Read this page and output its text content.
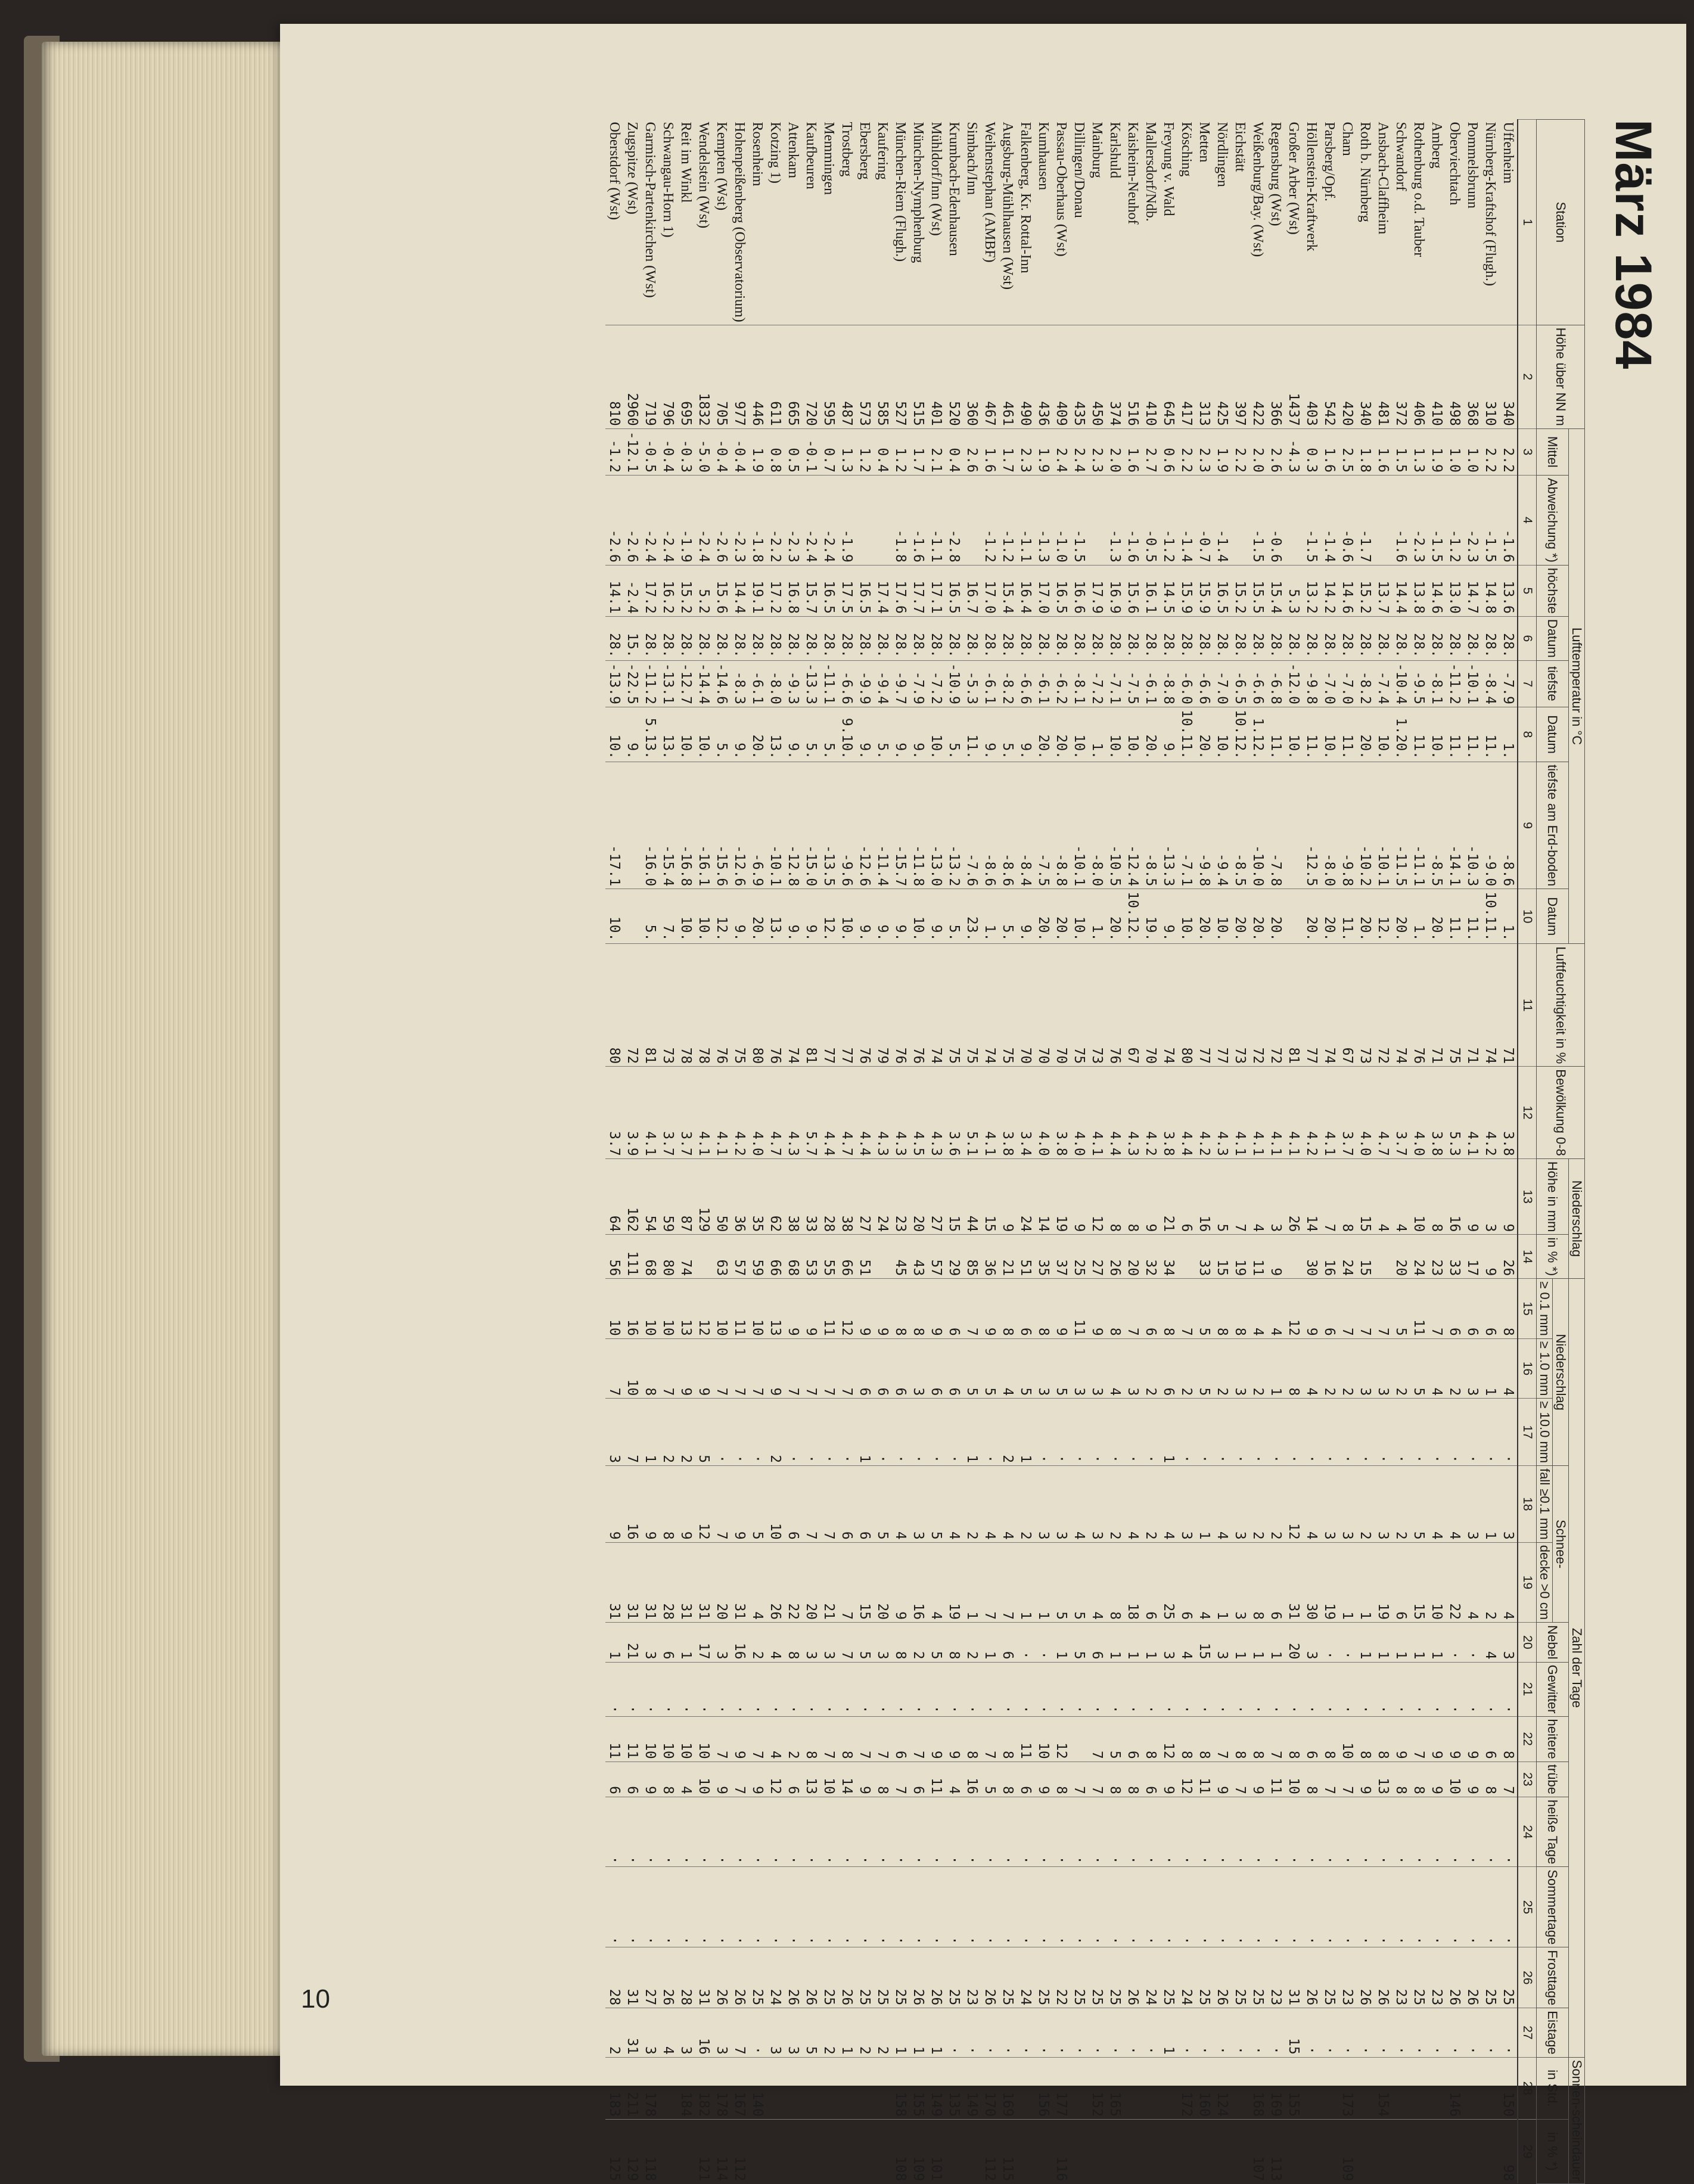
10
März 1984
Station	Höhe über NN m	Lufttemperatur in °C								Luftfeuchtigkeit in %	Bewölkung 0-8	Niederschlag		Zahl der Tage													Sonnen-scheindauer	
		Mittel	Abweichung *)	höchste	Datum	tiefste	Datum	tiefste am Erd-boden	Datum			Höhe in mm	in % *)	Niederschlag			Schnee-		Nebel	Gewitter	heitere	trübe	heiße Tage	Sommertage	Frosttage	Eistage	in Std.	in % *)
														≥ 0.1 mm	≥ 1.0 mm	≥ 10.0 mm	fall ≥0.1 mm	decke >0 cm										
1	2	3	4	5	6	7	8	9	10	11	12	13	14	15	16	17	18	19	20	21	22	23	24	25	26	27	28	29
Uffenheim	340	2.2	-1.6	13.6	28.	-7.9	1.	-8.6	1.	71	3.8	9	26	8	4	·	3	4	3	·	8	7	·	·	25	·	150	98
Nürnberg-Kraftshof (Flugh.)	310	2.2	-1.5	14.8	28.	-8.4	11.	-9.0	10.11.	74	4.2	3	9	6	1	·	1	2	4	·	6	8	·	·	25	·		
Pommelsbrunn	368	1.0	-2.3	14.7	28.	-10.1	11.	-10.3	11.	71	4.1	9	17	6	3	·	3	4	·	·	9	9	·	·	26	·		
Oberviechtach	498	1.0	-1.2	13.0	28.	-11.2	11.	-14.1	11.	75	5.3	16	33	6	2	·	4	22	·	·	9	10	·	·	26	·	146	
Amberg	410	1.9	-1.5	14.6	28.	-8.1	10.	-8.5	20.	71	3.8	8	23	7	4	·	4	10	1	·	9	9	·	·	23	·		
Rothenburg o.d. Tauber	406	1.3	-2.3	13.8	28.	-9.5	11.	-11.1	1.	76	4.0	10	24	11	5	·	5	15	1	·	7	8	·	·	25	·		
Schwandorf	372	1.5	-1.6	14.4	28.	-10.4	1.20.	-11.5	20.	74	3.7	4	20	5	2	·	2	6	1	·	9	8	·	·	23	·		
Ansbach-Claffheim	481	1.6		13.7	28.	-7.4	10.	-10.1	12.	72	4.7	4		7	3	·	3	19	1	·	8	13	·	·	26	·	154	
Roth b. Nürnberg	340	1.8	-1.7	15.2	28.	-8.2	20.	-10.2	20.	73	4.0	15	15	7	3	·	2	1	1	·	8	9	·	·	26	·		
Cham	420	2.5	-0.6	14.6	28.	-7.0	11.	-9.8	11.	67	3.7	8	24	7	2	·	3	1	·	·	10	7	·	·	23	·	173	109
Parsberg/Opf.	542	1.6	-1.4	14.2	28.	-7.0	10.	-8.0	20.	74	4.1	7	16	6	2	·	3	19	·	·	8	7	·	·	25	·		
Höllenstein-Kraftwerk	403	0.3	-1.5	13.2	28.	-9.8	11.	-12.5	20.	77	4.2	14	30	9	4	·	4	30	3	·	6	8	·	·	26	·		
Großer Arber (Wst)	1437	-4.3		5.3	28.	-12.0	10.			81	4.1	26		12	8	·	12	31	20	·	8	10	·	·	31	15	155	
Regensburg (Wst)	366	2.6	-0.6	15.4	28.	-6.8	11.	-7.8	20.	72	4.1	3	9	4	1	·	2	6	1	·	7	11	·	·	23	·	169	113
Weißenburg/Bay. (Wst)	422	2.0	-1.5	15.5	28.	-6.6	1.12.	-10.0	20.	72	4.1	4	11	4	2	·	2	8	1	·	8	9	·	·	25	·	168	107
Eichstätt	397	2.2		15.2	28.	-6.5	10.12.	-8.5	20.	73	4.1	7	19	8	3	·	3	3	1	·	8	7	·	·	25	·		
Nördlingen	425	1.9	-1.4	16.5	28.	-7.0	10.	-9.4	10.	77	4.3	5	15	8	2	·	4	1	3	·	7	9	·	·	26	·	124	
Metten	313	2.3	-0.7	15.9	28.	-6.6	20.	-9.8	20.	77	4.2	16	33	5	5	·	1	4	15	·	8	11	·	·	25	·	160	
Kösching	417	2.2	-1.4	15.9	28.	-6.0	10.11.	-7.1	10.	80	4.4	6		7	2	·	3	6	4	·	8	12	·	·	24	·	172	
Freyung v. Wald	645	0.6	-1.2	14.5	28.	-8.8	9.	-13.3	9.	74	3.8	21	34	8	6	1	4	25	3	·	12	9	·	·	25	1		
Mallersdorf/Ndb.	410	2.7	-0.5	16.1	28.	-6.1	20.	-8.5	19.	70	4.2	9	32	6	2	·	2	6	1	·	8	6	·	·	24	·		
Kaisheim-Neuhof	516	1.6	-1.6	15.6	28.	-7.5	10.	-12.4	10.12.	67	4.3	8	20	7	3	·	4	18	1	·	6	8	·	·	26	·		
Karlshuld	374	2.0	-1.3	16.9	28.	-7.1	10.	-10.5	20.	76	4.4	8	26	8	4	·	2	8	1	·	5	8	·	·	25	·	165	
Mainburg	450	2.3		17.9	28.	-7.2	1.	-8.0	1.	73	4.1	12	27	9	3	·	3	4	6	·	7	7	·	·	25	·	152	
Dillingen/Donau	435	2.4	-1.5	16.6	28.	-8.1	10.	-10.1	10.	75	4.0	9	25	11	3	·	4	5	5	·		7	·	·	25	·		
Passau-Oberhaus (Wst)	409	2.4	-1.0	16.5	28.	-6.2	20.	-8.8	20.	70	3.8	19	37	9	5	·	3	5	1	·	12	8	·	·	22	·	177	116
Kumhausen	436	1.9	-1.3	17.0	28.	-6.1	20.	-7.5	20.	70	4.0	14	35	8	3	·	3	1	·	·	10	9	·	·	25	·	156	
Falkenberg, Kr. Rottal-Inn	490	2.3	-1.1	16.4	28.	-6.6	9.	-8.4	9.	70	3.4	24	51	6	5	1	2	1	·	·	11	6	·	·	24	·		
Augsburg-Mühlhausen (Wst)	461	1.7	-1.2	15.4	28.	-8.2	5.	-8.6	5.	75	3.8	9	21	8	4	2	4	7	6	·	8	8	·	·	25	·	169	115
Weihenstephan (AMBF)	467	1.6	-1.2	17.0	28.	-6.1	9.	-8.6	1.	74	4.1	15	36	9	5	·	4	7	1	·	7	5	·	·	26	·	170	112
Simbach/Inn	360	2.6		16.7	28.	-5.3	11.	-7.6	23.	75	5.1	44	85	7	5	1	2	1	2	·	8	16	·	·	23	·	149	
Krumbach-Edenhausen	520	0.4	-2.8	16.5	28.	-10.9	5.	-13.2	5.	75	3.6	15	29	6	6	·	4	19	8	·	9	4	·	·	25	·	135	
Mühldorf/Inn (Wst)	401	2.1	-1.1	17.1	28.	-7.2	10.	-13.0	9.	74	4.3	27	57	9	6	·	5	4	5	·	9	11	·	·	26	1	149	101
München-Nymphenburg	515	1.7	-1.6	17.7	28.	-7.9	9.	-11.8	10.	76	4.5	20	43	8	3	·	3	16	2	·	7	6	·	·	26	1	155	109
München-Riem (Flugh.)	527	1.2	-1.8	17.6	28.	-9.7	9.	-15.7	9.	76	4.3	23	45	8	6	·	4	9	8	·	6	7	·	·	25	1	158	108
Kaufering	585	0.4		17.4	28.	-9.4	5.	-11.4	9.	79	4.3	24		9	6	·	5	20	3	·	7	8	·	·	25	2		
Ebersberg	573	1.2		16.5	28.	-9.9	9.	-12.6	9.	76	4.4	27	51	9	6	1	6	15	5	·	7	9	·	·	25	2		
Trostberg	487	1.3	-1.9	17.5	28.	-6.6	9.10.	-9.6	10.	77	4.7	38	66	12	7	·	6	7	7	·	8	14	·	·	26	1		
Memmingen	595	0.7	-2.4	16.5	28.	-11.1	5.	-13.5	12.	77	4.4	28	55	11	7	·	7	21	3	·	7	10	·	·	25	2		
Kaufbeuren	720	-0.1	-2.4	15.7	28.	-13.3	5.	-15.0	9.	81	5.7	33	53	9	7	·	7	20	3	·	8	13	·	·	26	5		
Attenkam	665	0.5	-2.3	16.8	28.	-9.3	9.	-12.8	9.	74	4.3	38	68	9	7	·	6	22	8	·	2	6	·	·	26	3		
Kotzing 1)	611	0.8	-2.2	17.2	28.	-8.0	13.	-10.1	13.	76	4.7	62	66	13	9	2	10	26	4	·	4	12	·	·	24	3		
Rosenheim	446	1.9	-1.8	19.1	28.	-6.1	20.	-6.9	20.	80	4.0	35	59	10	7	·	5	4	2	·	7	9	·	·	25	·	140	
Hohenpeißenberg (Observatorium)	977	-0.4	-2.3	14.4	28.	-8.3	9.	-12.6	9.	75	4.2	36	57	11	7	·	9	31	16	·	9	7	·	·	26	7	167	112
Kempten (Wst)	705	-0.4	-2.6	15.6	28.	-14.6	5.	-15.6	12.	76	4.1	50	63	10	7	·	7	20	3	·	7	9	·	·	26	3	178	114
Wendelstein (Wst)	1832	-5.0	-2.4	5.2	28.	-14.4	10.	-16.1	10.	78	4.1	129		12	9	5	12	31	17	·	10	10	·	·	31	16	182	121
Reit im Winkl	695	-0.3	-1.9	15.2	28.	-12.7	10.	-16.8	10.	78	3.7	87	74	13	9	2	9	31	1	·	10	4	·	·	28	3	184	
Schwangau-Horn 1)	796	-0.4	-2.4	16.2	28.	-13.1	13.	-15.4	7.	73	3.7	59	80	10	7	2	8	28	6	·	10	8	·	·	26	4		
Garmisch-Partenkirchen (Wst)	719	-0.5	-2.4	17.2	28.	-11.2	5.13.	-16.0	5.	81	4.1	54	68	10	8	1	9	31	3	·	10	9	·	·	27	3	178	118
Zugspitze (Wst)	2960	-12.1	-2.6	-2.4	15.	-22.5	9.			72	3.9	162	111	16	10	7	16	31	21	·	11	6	·	·	31	31	211	129
Oberstdorf (Wst)	810	-1.2	-2.6	14.1	28.	-13.9	10.	-17.1	10.	80	3.7	64	56	10	7	3	9	31	1	·	11	6	·	·	28	2	183	125
